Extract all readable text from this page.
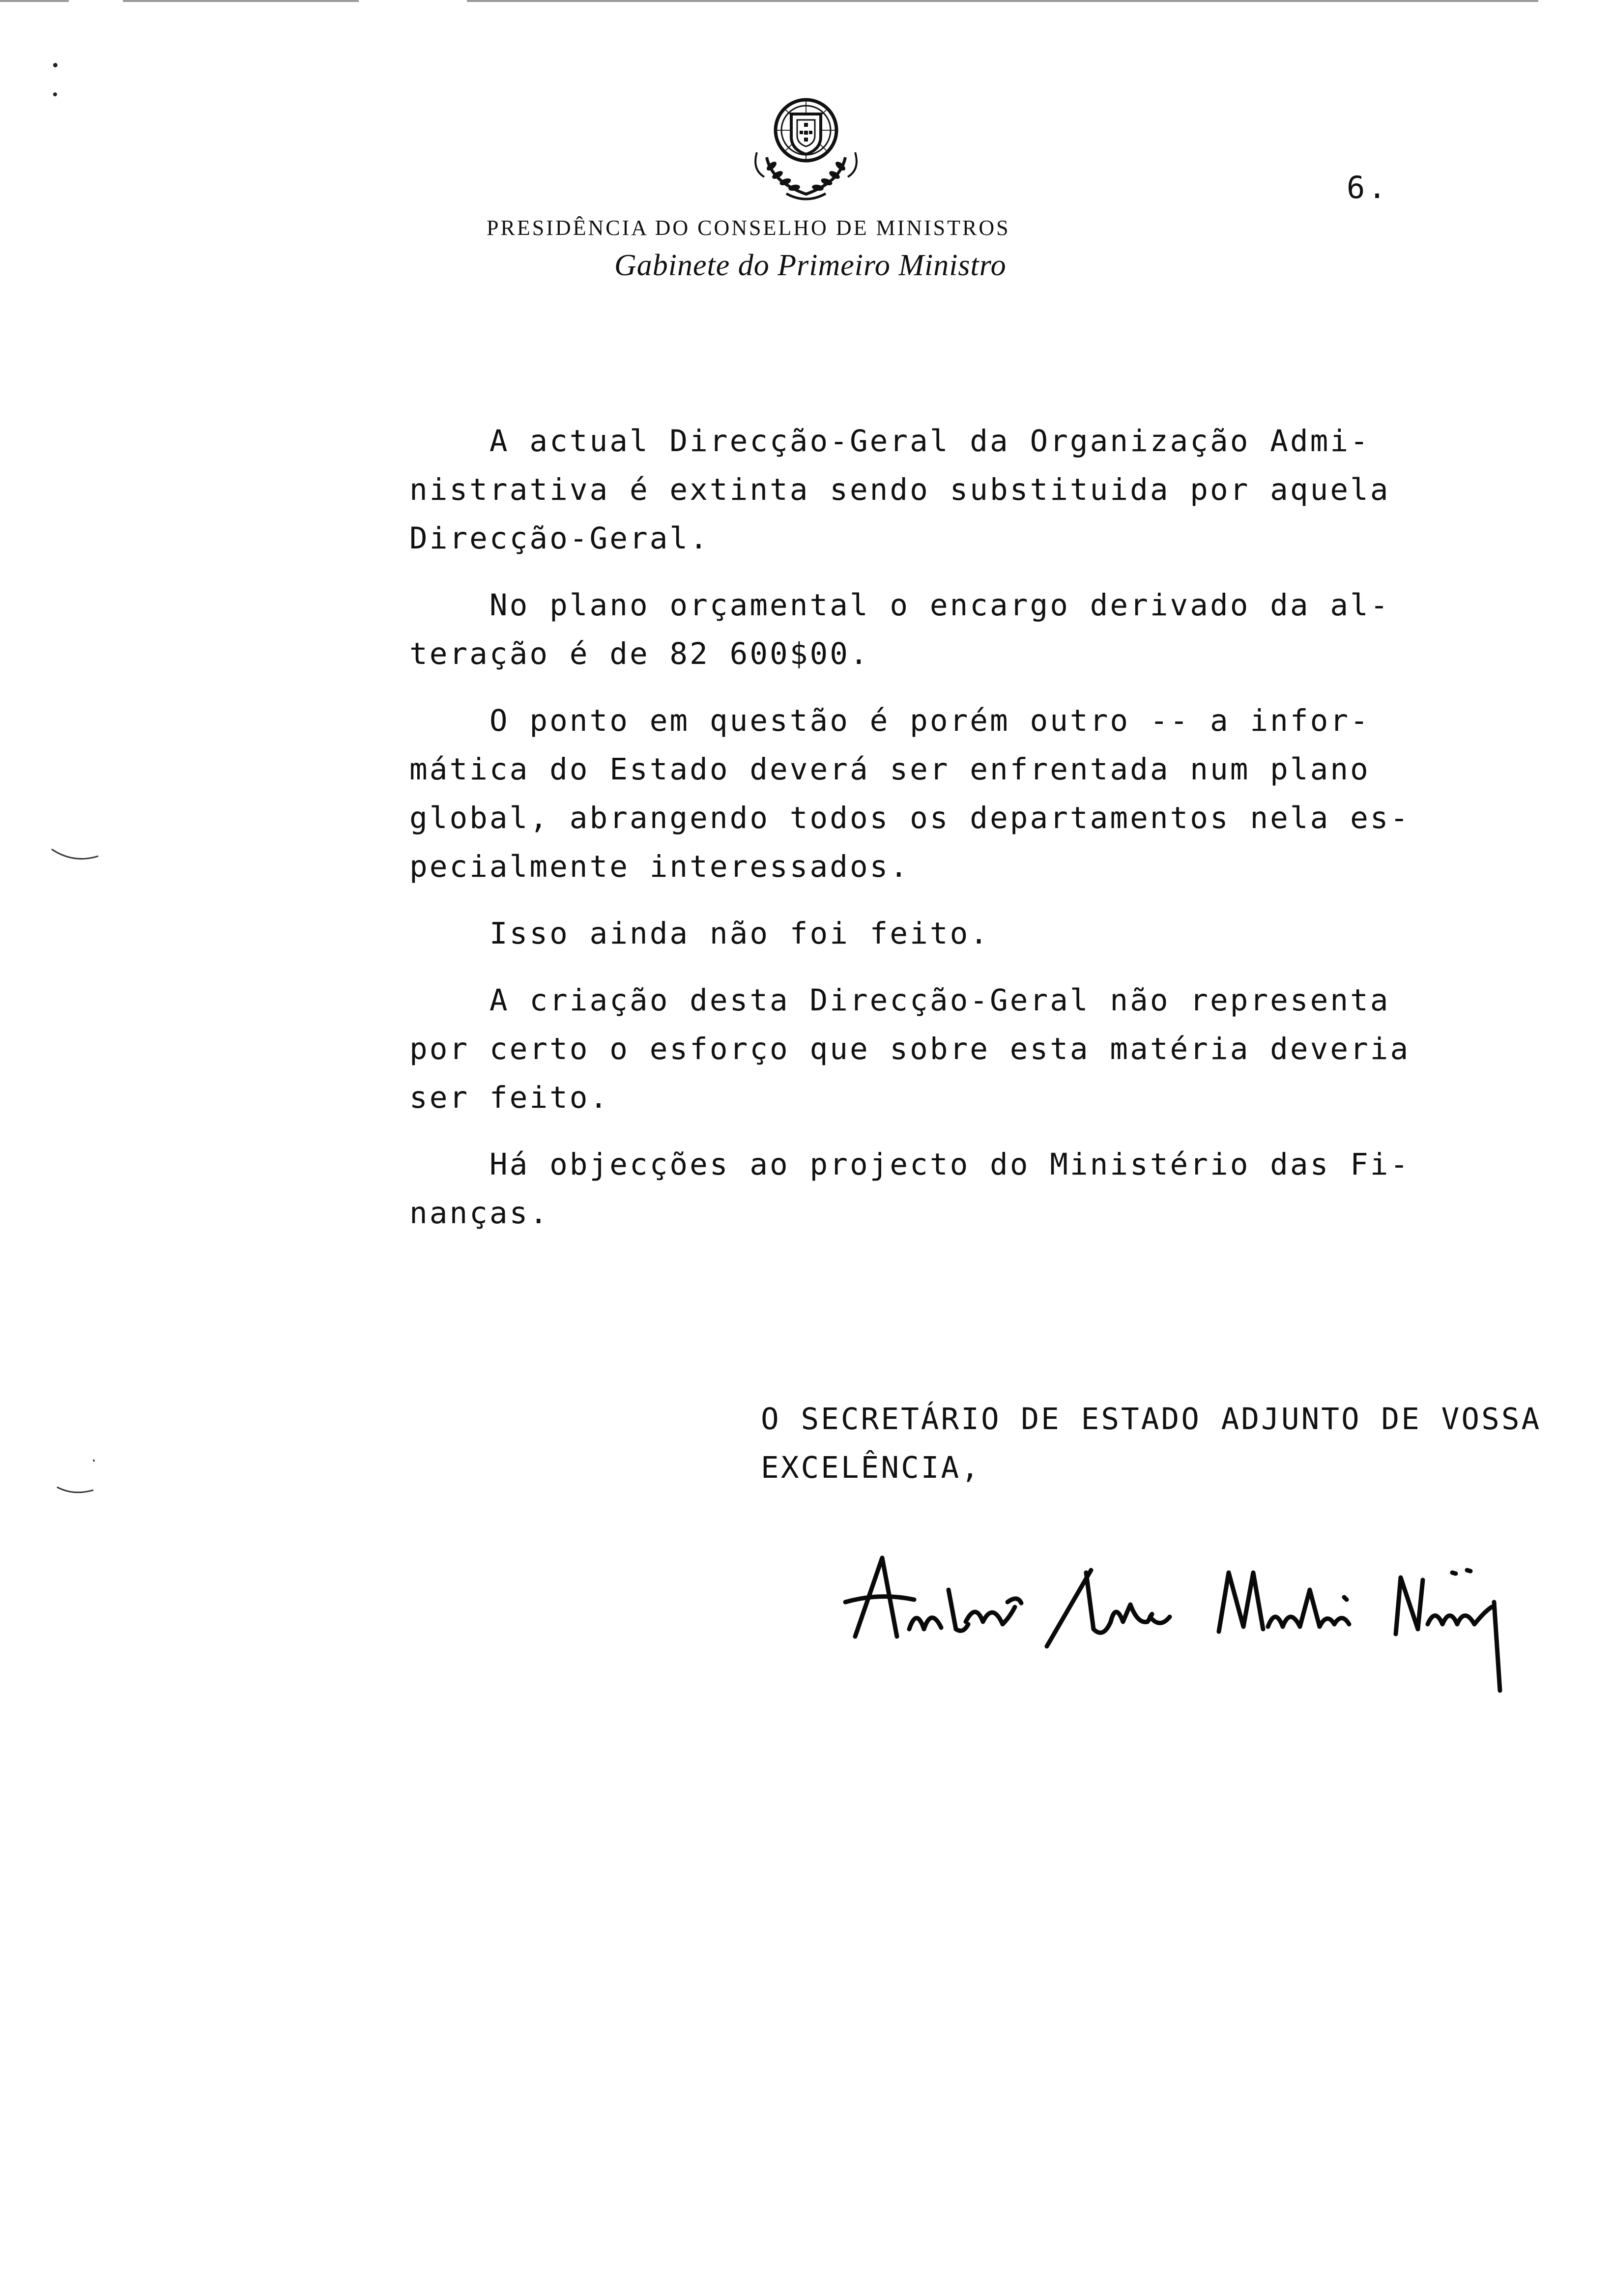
6.
PRESIDÊNCIA DO CONSELHO DE MINISTROS
Gabinete do Primeiro Ministro

A actual Direcção-Geral da Organização Admi-
nistrativa é extinta sendo substituida por aquela
Direcção-Geral.

No plano orçamental o encargo derivado da al-
teração é de 82 600$00.

O ponto em questão é porém outro -- a infor-
mática do Estado deverá ser enfrentada num plano
global, abrangendo todos os departamentos nela es-
pecialmente interessados.

Isso ainda não foi feito.

A criação desta Direcção-Geral não representa
por certo o esforço que sobre esta matéria deveria
ser feito.

Há objecções ao projecto do Ministério das Fi-
nanças.

O SECRETÁRIO DE ESTADO ADJUNTO DE VOSSA
EXCELÊNCIA,
